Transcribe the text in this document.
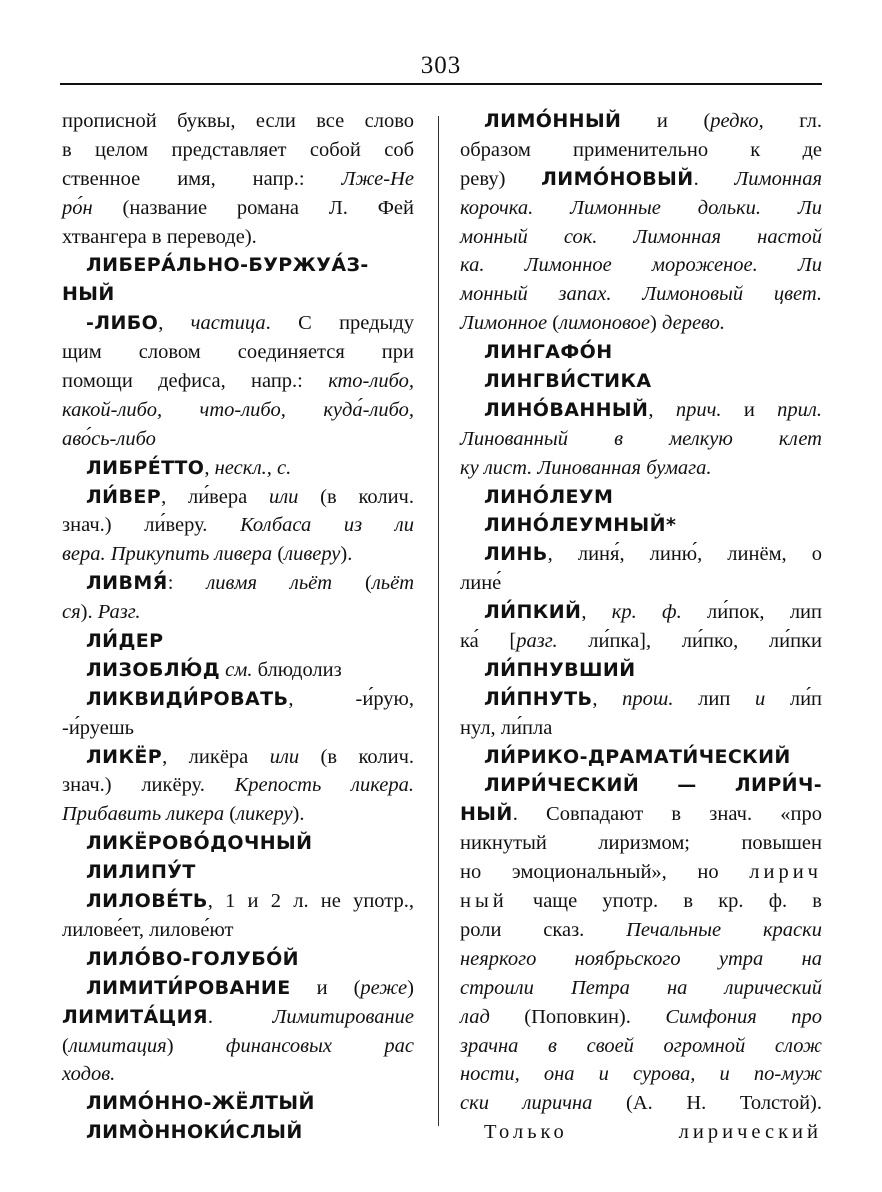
303
прописной буквы, если все слово
в целом представляет собой соб
ственное имя, напр.: Лже-Не
ро́н (название романа Л. Фей
хтвангера в переводе).
ЛИБЕРА́ЛЬНО-БУРЖУА́З-
НЫЙ
-ЛИБО, частица. С предыду
щим словом соединяется при
помощи дефиса, напр.: кто-либо,
какой-либо, что-либо, куда́-либо,
аво́сь-либо
ЛИБРЕ́ТТО, нескл., с.
ЛИ́ВЕР, ли́вера или (в колич.
знач.) ли́веру. Колбаса из ли
вера. Прикупить ливера (ливеру).
ЛИВМЯ́: ливмя льёт (льёт
ся). Разг.
ЛИ́ДЕР
ЛИЗОБЛЮ́Д см. блюдолиз
ЛИКВИДИ́РОВАТЬ, -и́рую,
-и́руешь
ЛИКЁР, ликёра или (в колич.
знач.) ликёру. Крепость ликера.
Прибавить ликера (ликеру).
ЛИКЁРОВО́ДОЧНЫЙ
ЛИЛИПУ́Т
ЛИЛОВЕ́ТЬ, 1 и 2 л. не употр.,
лилове́ет, лилове́ют
ЛИЛО́ВО-ГОЛУБО́Й
ЛИМИТИ́РОВАНИЕ и (реже)
ЛИМИТА́ЦИЯ. Лимитирование
(лимитация) финансовых рас
ходов.
ЛИМО́ННО-ЖЁЛТЫЙ
ЛИМО̀ННОКИ́СЛЫЙ
ЛИМО́ННЫЙ и (редко, гл.
образом применительно к де
реву) ЛИМО́НОВЫЙ. Лимонная
корочка. Лимонные дольки. Ли
монный сок. Лимонная настой
ка. Лимонное мороженое. Ли
монный запах. Лимоновый цвет.
Лимонное (лимоновое) дерево.
ЛИНГАФО́Н
ЛИНГВИ́СТИКА
ЛИНО́ВАННЫЙ, прич. и прил.
Линованный в мелкую клет
ку лист. Линованная бумага.
ЛИНО́ЛЕУМ
ЛИНО́ЛЕУМНЫЙ*
ЛИНЬ, линя́, линю́, линём, о
лине́
ЛИ́ПКИЙ, кр. ф. ли́пок, лип
ка́ [разг. ли́пка], ли́пко, ли́пки
ЛИ́ПНУВШИЙ
ЛИ́ПНУТЬ, прош. лип и ли́п
нул, ли́пла
ЛИ́РИКО-ДРАМАТИ́ЧЕСКИЙ
ЛИРИ́ЧЕСКИЙ — ЛИРИ́Ч-
НЫЙ. Совпадают в знач. «про
никнутый лиризмом; повышен
но эмоциональный», но лирич
ный чаще употр. в кр. ф. в
роли сказ. Печальные краски
неяркого ноябрьского утра на
строили Петра на лирический
лад (Поповкин). Симфония про
зрачна в своей огромной слож
ности, она и сурова, и по-муж
ски лирична (А. Н. Толстой).
Только лирический
